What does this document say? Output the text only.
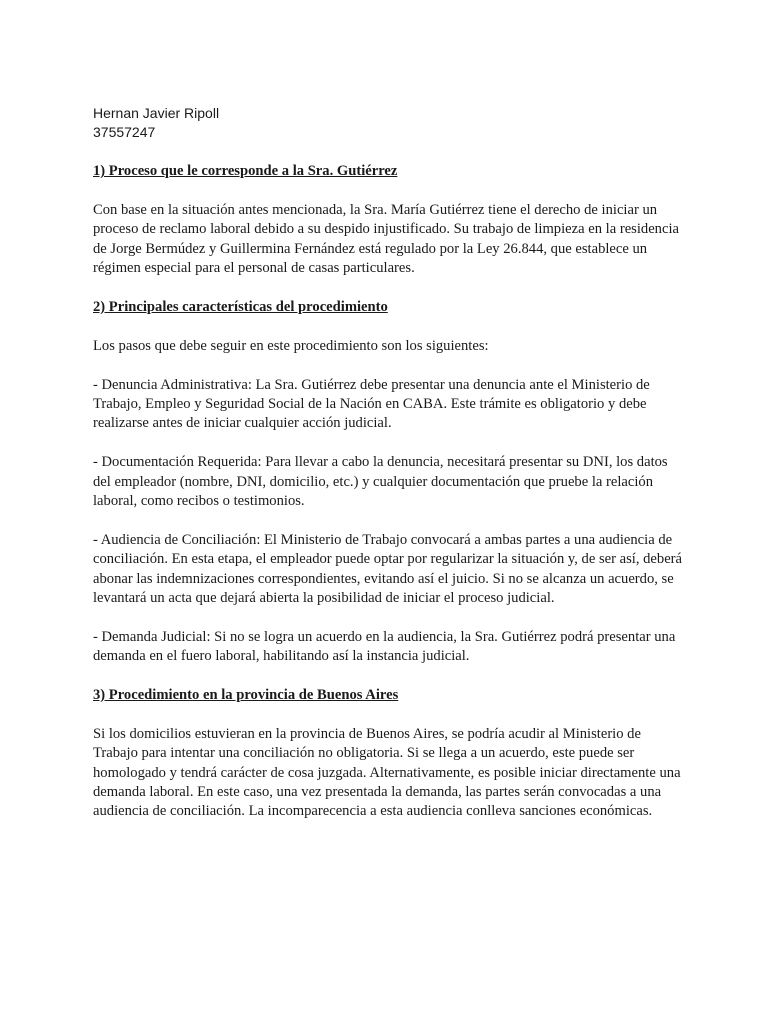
Hernan Javier Ripoll

37557247

1) Proceso que le corresponde a la Sra. Gutiérrez

Con base en la situación antes mencionada, la Sra. María Gutiérrez tiene el derecho de iniciar un proceso de reclamo laboral debido a su despido injustificado. Su trabajo de limpieza en la residencia de Jorge Bermúdez y Guillermina Fernández está regulado por la Ley 26.844, que establece un régimen especial para el personal de casas particulares.

2) Principales características del procedimiento

Los pasos que debe seguir en este procedimiento son los siguientes:

- Denuncia Administrativa: La Sra. Gutiérrez debe presentar una denuncia ante el Ministerio de Trabajo, Empleo y Seguridad Social de la Nación en CABA. Este trámite es obligatorio y debe realizarse antes de iniciar cualquier acción judicial.

- Documentación Requerida: Para llevar a cabo la denuncia, necesitará presentar su DNI, los datos del empleador (nombre, DNI, domicilio, etc.) y cualquier documentación que pruebe la relación laboral, como recibos o testimonios.

- Audiencia de Conciliación: El Ministerio de Trabajo convocará a ambas partes a una audiencia de conciliación. En esta etapa, el empleador puede optar por regularizar la situación y, de ser así, deberá abonar las indemnizaciones correspondientes, evitando así el juicio. Si no se alcanza un acuerdo, se levantará un acta que dejará abierta la posibilidad de iniciar el proceso judicial.

- Demanda Judicial: Si no se logra un acuerdo en la audiencia, la Sra. Gutiérrez podrá presentar una demanda en el fuero laboral, habilitando así la instancia judicial.

3) Procedimiento en la provincia de Buenos Aires

Si los domicilios estuvieran en la provincia de Buenos Aires, se podría acudir al Ministerio de Trabajo para intentar una conciliación no obligatoria. Si se llega a un acuerdo, este puede ser homologado y tendrá carácter de cosa juzgada. Alternativamente, es posible iniciar directamente una demanda laboral. En este caso, una vez presentada la demanda, las partes serán convocadas a una audiencia de conciliación. La incomparecencia a esta audiencia conlleva sanciones económicas.
